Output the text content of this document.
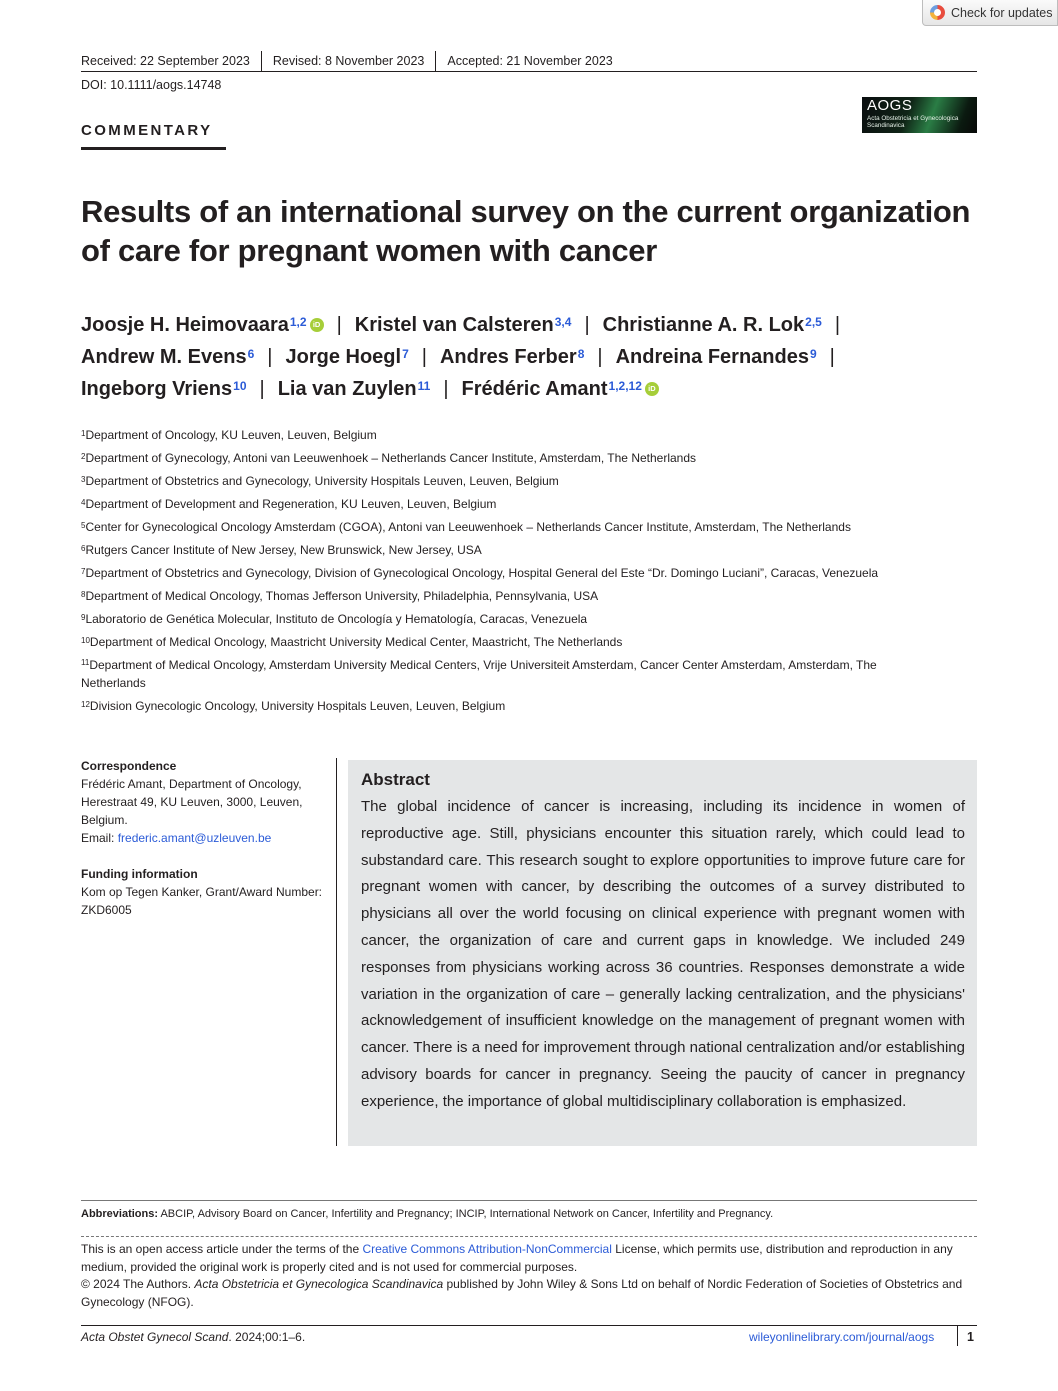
Check for updates
Received: 22 September 2023 Revised: 8 November 2023 Accepted: 21 November 2023
DOI: 10.1111/aogs.14748
COMMENTARY
AOGS
Acta Obstetricia et Gynecologica Scandinavica
Results of an international survey on the current organization of care for pregnant women with cancer
Joosje H. Heimovaara$^{1,2}$ iD | Kristel van Calsteren$^{3,4}$ | Christianne A. R. Lok$^{2,5}$ |
Andrew M. Evens$^6$ | Jorge Hoegl$^7$ | Andres Ferber$^8$ | Andreina Fernandes$^9$ |
Ingeborg Vriens$^{10}$ | Lia van Zuylen$^{11}$ | Frédéric Amant$^{1,2,12}$ iD
$^1$Department of Oncology, KU Leuven, Leuven, Belgium
$^2$Department of Gynecology, Antoni van Leeuwenhoek – Netherlands Cancer Institute, Amsterdam, The Netherlands
$^3$Department of Obstetrics and Gynecology, University Hospitals Leuven, Leuven, Belgium
$^4$Department of Development and Regeneration, KU Leuven, Leuven, Belgium
$^5$Center for Gynecological Oncology Amsterdam (CGOA), Antoni van Leeuwenhoek – Netherlands Cancer Institute, Amsterdam, The Netherlands
$^6$Rutgers Cancer Institute of New Jersey, New Brunswick, New Jersey, USA
$^7$Department of Obstetrics and Gynecology, Division of Gynecological Oncology, Hospital General del Este “Dr. Domingo Luciani”, Caracas, Venezuela
$^8$Department of Medical Oncology, Thomas Jefferson University, Philadelphia, Pennsylvania, USA
$^9$Laboratorio de Genética Molecular, Instituto de Oncología y Hematología, Caracas, Venezuela
$^{10}$Department of Medical Oncology, Maastricht University Medical Center, Maastricht, The Netherlands
$^{11}$Department of Medical Oncology, Amsterdam University Medical Centers, Vrije Universiteit Amsterdam, Cancer Center Amsterdam, Amsterdam, The Netherlands
$^{12}$Division Gynecologic Oncology, University Hospitals Leuven, Leuven, Belgium
Correspondence
Frédéric Amant, Department of Oncology, Herestraat 49, KU Leuven, 3000, Leuven, Belgium.
Email: frederic.amant@uzleuven.be
Funding information
Kom op Tegen Kanker, Grant/Award Number: ZKD6005
Abstract
The global incidence of cancer is increasing, including its incidence in women of reproductive age. Still, physicians encounter this situation rarely, which could lead to substandard care. This research sought to explore opportunities to improve future care for pregnant women with cancer, by describing the outcomes of a survey distributed to physicians all over the world focusing on clinical experience with pregnant women with cancer, the organization of care and current gaps in knowledge. We included 249 responses from physicians working across 36 countries. Responses demonstrate a wide variation in the organization of care – generally lacking centralization, and the physicians' acknowledgement of insufficient knowledge on the management of pregnant women with cancer. There is a need for improvement through national centralization and/or establishing advisory boards for cancer in pregnancy. Seeing the paucity of cancer in pregnancy experience, the importance of global multidisciplinary collaboration is emphasized.
Abbreviations: ABCIP, Advisory Board on Cancer, Infertility and Pregnancy; INCIP, International Network on Cancer, Infertility and Pregnancy.
This is an open access article under the terms of the Creative Commons Attribution-NonCommercial License, which permits use, distribution and reproduction in any medium, provided the original work is properly cited and is not used for commercial purposes.
© 2024 The Authors. Acta Obstetricia et Gynecologica Scandinavica published by John Wiley & Sons Ltd on behalf of Nordic Federation of Societies of Obstetrics and Gynecology (NFOG).
Acta Obstet Gynecol Scand. 2024;00:1–6.	wileyonlinelibrary.com/journal/aogs	1
